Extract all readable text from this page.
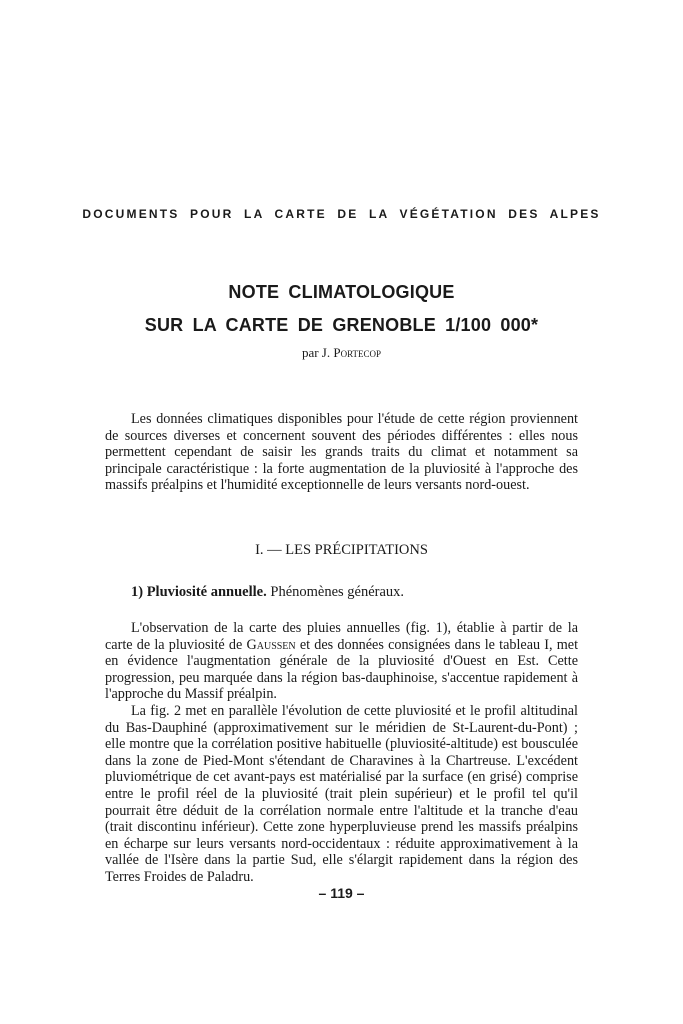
DOCUMENTS POUR LA CARTE DE LA VÉGÉTATION DES ALPES
NOTE CLIMATOLOGIQUE
SUR LA CARTE DE GRENOBLE 1/100 000*
par J. Portecop

Les données climatiques disponibles pour l'étude de cette région proviennent de sources diverses et concernent souvent des périodes différentes : elles nous permettent cependant de saisir les grands traits du climat et notamment sa principale caractéristique : la forte augmentation de la pluviosité à l'approche des massifs préalpins et l'humidité exceptionnelle de leurs versants nord-ouest.

I. — LES PRÉCIPITATIONS
1) Pluviosité annuelle. Phénomènes généraux.

L'observation de la carte des pluies annuelles (fig. 1), établie à partir de la carte de la pluviosité de Gaussen et des données consignées dans le tableau I, met en évidence l'augmentation générale de la pluviosité d'Ouest en Est. Cette progression, peu marquée dans la région bas-dauphinoise, s'accentue rapidement à l'approche du Massif préalpin.

La fig. 2 met en parallèle l'évolution de cette pluviosité et le profil altitudinal du Bas-Dauphiné (approximativement sur le méridien de St-Laurent-du-Pont) ; elle montre que la corrélation positive habituelle (pluviosité-altitude) est bousculée dans la zone de Pied-Mont s'étendant de Charavines à la Chartreuse. L'excédent pluviométrique de cet avant-pays est matérialisé par la surface (en grisé) comprise entre le profil réel de la pluviosité (trait plein supérieur) et le profil tel qu'il pourrait être déduit de la corrélation normale entre l'altitude et la tranche d'eau (trait discontinu inférieur). Cette zone hyperpluvieuse prend les massifs préalpins en écharpe sur leurs versants nord-occidentaux : réduite approximativement à la vallée de l'Isère dans la partie Sud, elle s'élargit rapidement dans la région des Terres Froides de Paladru.

– 119 –
